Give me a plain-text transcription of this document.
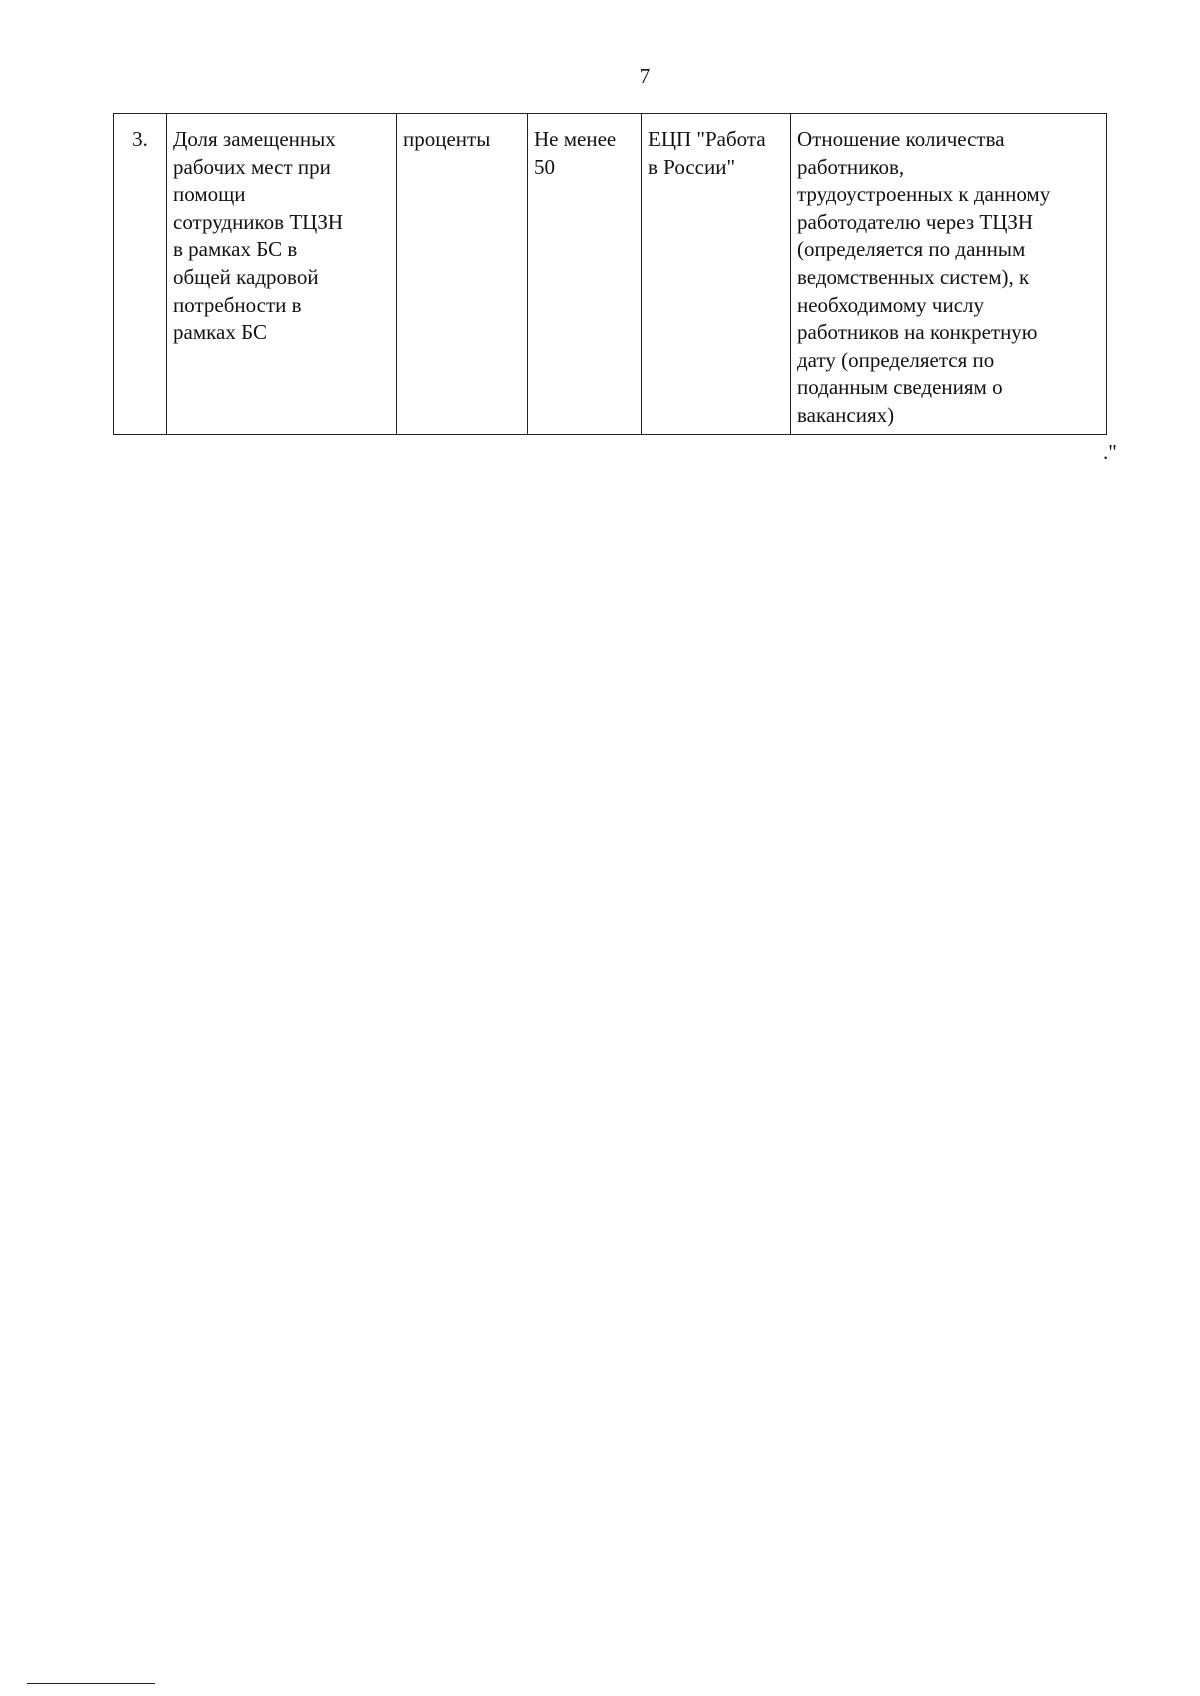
7
3.	Доля замещенных
рабочих мест при
помощи
сотрудников ТЦЗН
в рамках БС в
общей кадровой
потребности в
рамках БС	проценты	Не менее
50	ЕЦП "Работа
в России"	Отношение количества
работников,
трудоустроенных к данному
работодателю через ТЦЗН
(определяется по данным
ведомственных систем), к
необходимому числу
работников на конкретную
дату (определяется по
поданным сведениям о
вакансиях)
."
